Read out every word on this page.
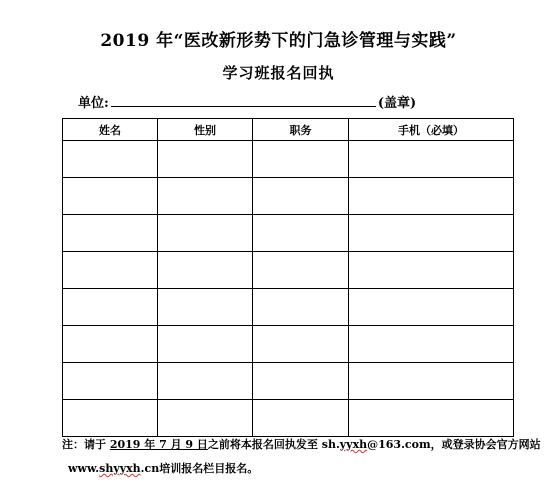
2019 年“医改新形势下的门急诊管理与实践”
学习班报名回执
单位:	(盖章)
姓名	性别	职务	手机（必填）

注：请于 2019 年 7 月 9 日之前将本报名回执发至 sh.yyxh@163.com，或登录协会官方网站
www.shyyxh.cn培训报名栏目报名。
